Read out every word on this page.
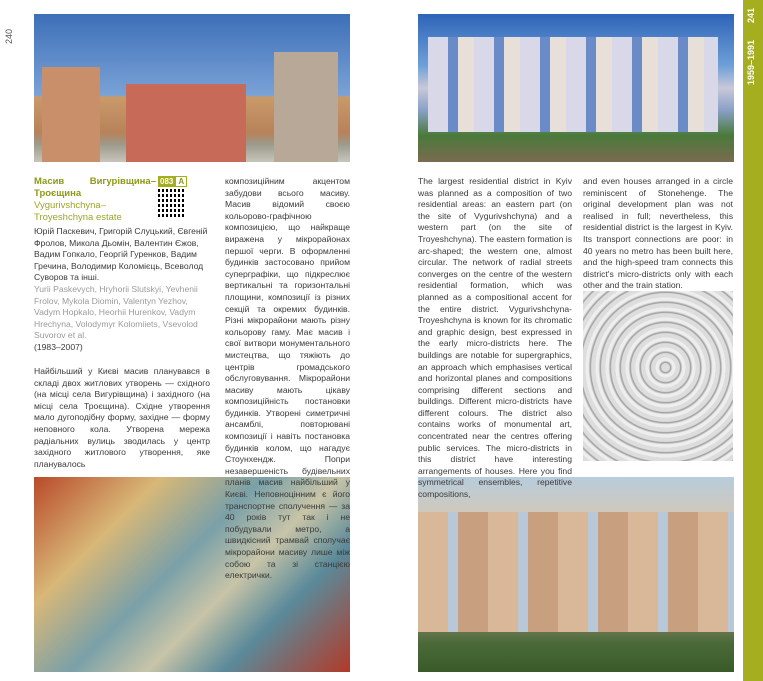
240
083 A
Масив Вигурівщина–Троєщина
Vygurivshchyna–Troyeshchyna estate

Юрій Паскевич, Григорій Слуцький, Євгеній Фролов, Микола Дьомін, Валентин Єжов, Вадим Гопкало, Георгій Гуренков, Вадим Гречина, Володимир Коломієць, Всеволод Суворов та інші.

Yurii Paskevych, Hryhorii Slutskyi, Yevhenii Frolov, Mykola Diomin, Valentyn Yezhov, Vadym Hopkalo, Heorhii Hurenkov, Vadym Hrechyna, Volodymyr Kolomiiets, Vsevolod Suvorov et al.

(1983–2007)

Найбільший у Києві масив планувався в складі двох житлових утворень — східного (на місці села Вигурівщина) і західного (на місці села Троєщина). Східне утворення мало дугоподібну форму, західне — форму неповного кола. Утворена мережа радіальних вулиць зводилась у центр західного житлового утворення, яке планувалось
композиційним акцентом забудови всього масиву. Масив відомий своєю кольорово-графічною композицією, що найкраще виражена у мікрорайонах першої черги. В оформленні будинків застосовано прийом суперграфіки, що підкреслює вертикальні та горизонтальні площини, композиції із різних секцій та окремих будинків. Різні мікрорайони мають різну кольорову гаму. Має масив і свої витвори монументального мистецтва, що тяжіють до центрів громадського обслуговування. Мікрорайони масиву мають цікаву композиційність постановки будинків. Утворені симетричні ансамблі, повторювані композиції і навіть постановка будинків колом, що нагадує Стоунхендж. Попри незавершеність будівельних планів масив найбільший у Києві. Неповноцінним є його транспортне сполучення — за 40 років тут так і не побудували метро, а швидкісний трамвай сполучає мікрорайони масиву лише між собою та зі станцією електрички.
The largest residential district in Kyiv was planned as a composition of two residential areas: an eastern part (on the site of Vygurivshchyna) and a western part (on the site of Troyeshchyna). The eastern formation is arc-shaped; the western one, almost circular. The network of radial streets converges on the centre of the western residential formation, which was planned as a compositional accent for the entire district. Vygurivshchyna-Troyeshchyna is known for its chromatic and graphic design, best expressed in the early micro-districts here. The buildings are notable for supergraphics, an approach which emphasises vertical and horizontal planes and compositions comprising different sections and buildings. Different micro-districts have different colours. The district also contains works of monumental art, concentrated near the centres offering public services. The micro-districts in this district have interesting arrangements of houses. Here you find symmetrical ensembles, repetitive compositions,
and even houses arranged in a circle reminiscent of Stonehenge. The original development plan was not realised in full; nevertheless, this residential district is the largest in Kyiv. Its transport connections are poor: in 40 years no metro has been built here, and the high-speed tram connects this district's micro-districts only with each other and the train station.
241
1959–1991
